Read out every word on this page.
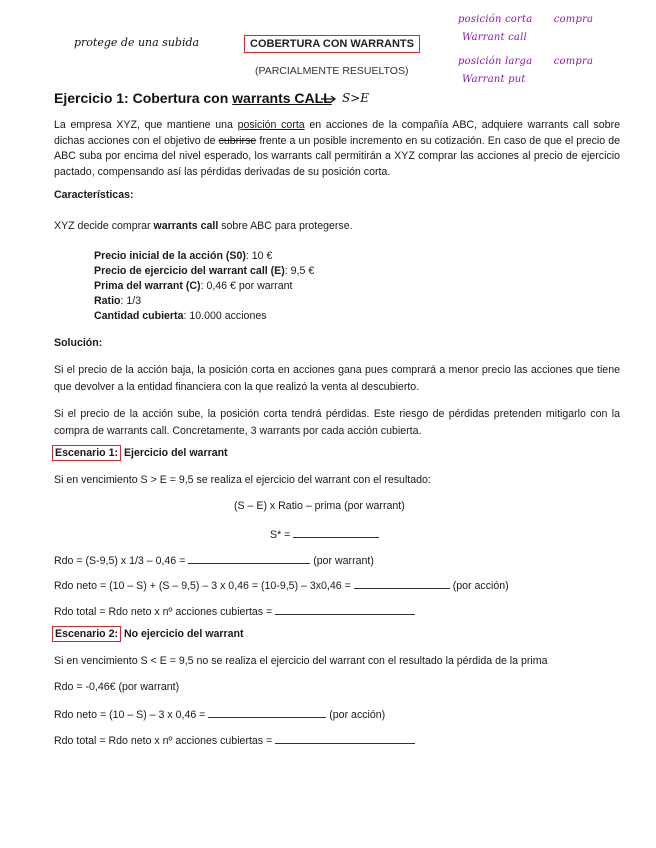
protege de una subida	COBERTURA CON WARRANTS
(PARCIALMENTE RESUELTOS)
posición corta compra
Warrant call
posición larga compra
Warrant put
Ejercicio 1: Cobertura con warrants CALL S>E
La empresa XYZ, que mantiene una posición corta en acciones de la compañía ABC, adquiere warrants call sobre dichas acciones con el objetivo de cubrirse frente a un posible incremento en su cotización. En caso de que el precio de ABC suba por encima del nivel esperado, los warrants call permitirán a XYZ comprar las acciones al precio de ejercicio pactado, compensando así las pérdidas derivadas de su posición corta.
Características:
XYZ decide comprar warrants call sobre ABC para protegerse.
Precio inicial de la acción (S0): 10 €
Precio de ejercicio del warrant call (E): 9,5 €
Prima del warrant (C): 0,46 € por warrant
Ratio: 1/3
Cantidad cubierta: 10.000 acciones
Solución:
Si el precio de la acción baja, la posición corta en acciones gana pues comprará a menor precio las acciones que tiene que devolver a la entidad financiera con la que realizó la venta al descubierto.
Si el precio de la acción sube, la posición corta tendrá pérdidas. Este riesgo de pérdidas pretenden mitigarlo con la compra de warrants call. Concretamente, 3 warrants por cada acción cubierta.
Escenario 1: Ejercicio del warrant
Si en vencimiento S > E = 9,5 se realiza el ejercicio del warrant con el resultado:
(S – E) x Ratio – prima (por warrant)
S* =
Rdo = (S-9,5) x 1/3 – 0,46 =	(por warrant)
Rdo neto = (10 – S) + (S – 9,5) – 3 x 0,46 = (10-9,5) – 3x0,46 =	(por acción)
Rdo total = Rdo neto x nº acciones cubiertas =
Escenario 2: No ejercicio del warrant
Si en vencimiento S < E = 9,5 no se realiza el ejercicio del warrant con el resultado la pérdida de la prima
Rdo = -0,46€ (por warrant)
Rdo neto = (10 – S) – 3 x 0,46 =	(por acción)
Rdo total = Rdo neto x nº acciones cubiertas =
